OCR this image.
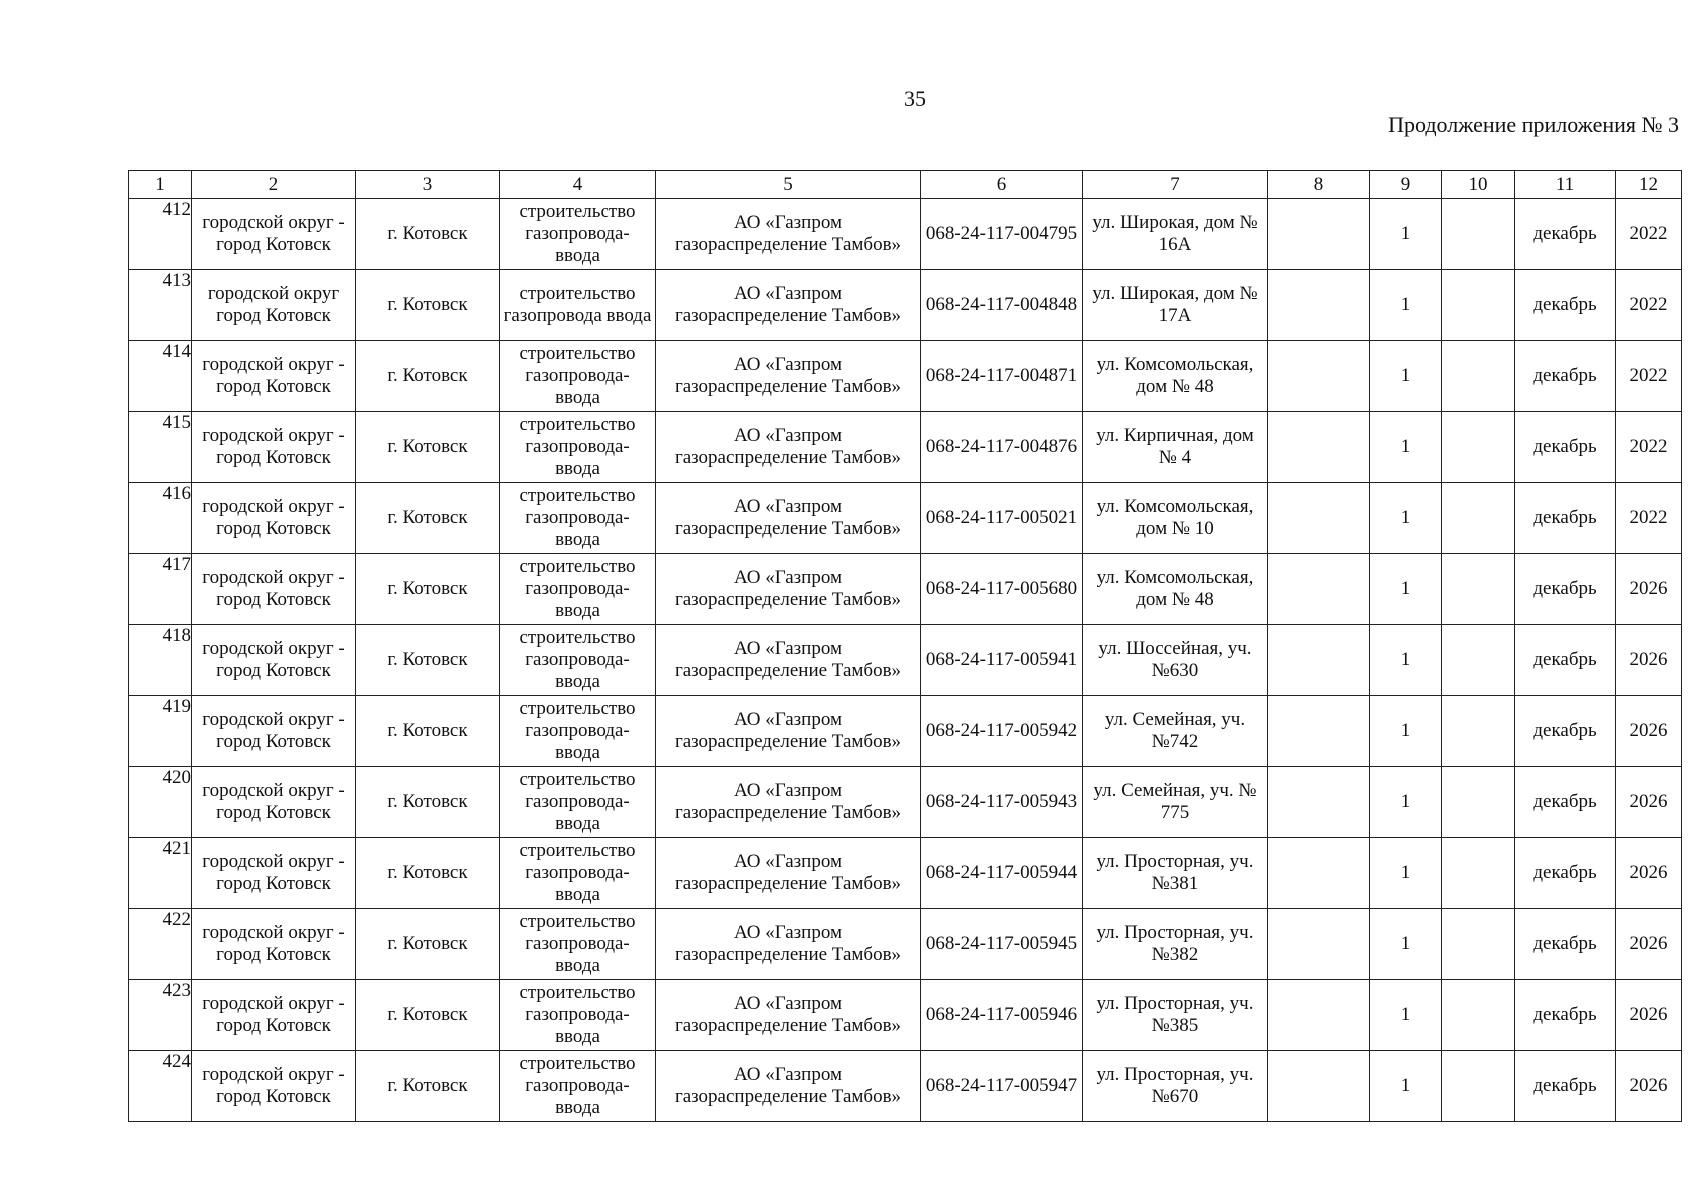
35
Продолжение приложения № 3
1	2	3	4	5	6	7	8	9	10	11	12
412	городской округ - город Котовск	г. Котовск	строительство газопровода-ввода	АО «Газпром газораспределение Тамбов»	068-24-117-004795	ул. Широкая, дом № 16А		1		декабрь	2022
413	городской округ город Котовск	г. Котовск	строительство газопровода ввода	АО «Газпром газораспределение Тамбов»	068-24-117-004848	ул. Широкая, дом № 17А		1		декабрь	2022
414	городской округ - город Котовск	г. Котовск	строительство газопровода-ввода	АО «Газпром газораспределение Тамбов»	068-24-117-004871	ул. Комсомольская, дом № 48		1		декабрь	2022
415	городской округ - город Котовск	г. Котовск	строительство газопровода-ввода	АО «Газпром газораспределение Тамбов»	068-24-117-004876	ул. Кирпичная, дом № 4		1		декабрь	2022
416	городской округ - город Котовск	г. Котовск	строительство газопровода-ввода	АО «Газпром газораспределение Тамбов»	068-24-117-005021	ул. Комсомольская, дом № 10		1		декабрь	2022
417	городской округ - город Котовск	г. Котовск	строительство газопровода-ввода	АО «Газпром газораспределение Тамбов»	068-24-117-005680	ул. Комсомольская, дом № 48		1		декабрь	2026
418	городской округ - город Котовск	г. Котовск	строительство газопровода-ввода	АО «Газпром газораспределение Тамбов»	068-24-117-005941	ул. Шоссейная, уч. №630		1		декабрь	2026
419	городской округ - город Котовск	г. Котовск	строительство газопровода-ввода	АО «Газпром газораспределение Тамбов»	068-24-117-005942	ул. Семейная, уч. №742		1		декабрь	2026
420	городской округ - город Котовск	г. Котовск	строительство газопровода-ввода	АО «Газпром газораспределение Тамбов»	068-24-117-005943	ул. Семейная, уч. № 775		1		декабрь	2026
421	городской округ - город Котовск	г. Котовск	строительство газопровода-ввода	АО «Газпром газораспределение Тамбов»	068-24-117-005944	ул. Просторная, уч. №381		1		декабрь	2026
422	городской округ - город Котовск	г. Котовск	строительство газопровода-ввода	АО «Газпром газораспределение Тамбов»	068-24-117-005945	ул. Просторная, уч. №382		1		декабрь	2026
423	городской округ - город Котовск	г. Котовск	строительство газопровода-ввода	АО «Газпром газораспределение Тамбов»	068-24-117-005946	ул. Просторная, уч. №385		1		декабрь	2026
424	городской округ - город Котовск	г. Котовск	строительство газопровода-ввода	АО «Газпром газораспределение Тамбов»	068-24-117-005947	ул. Просторная, уч. №670		1		декабрь	2026
